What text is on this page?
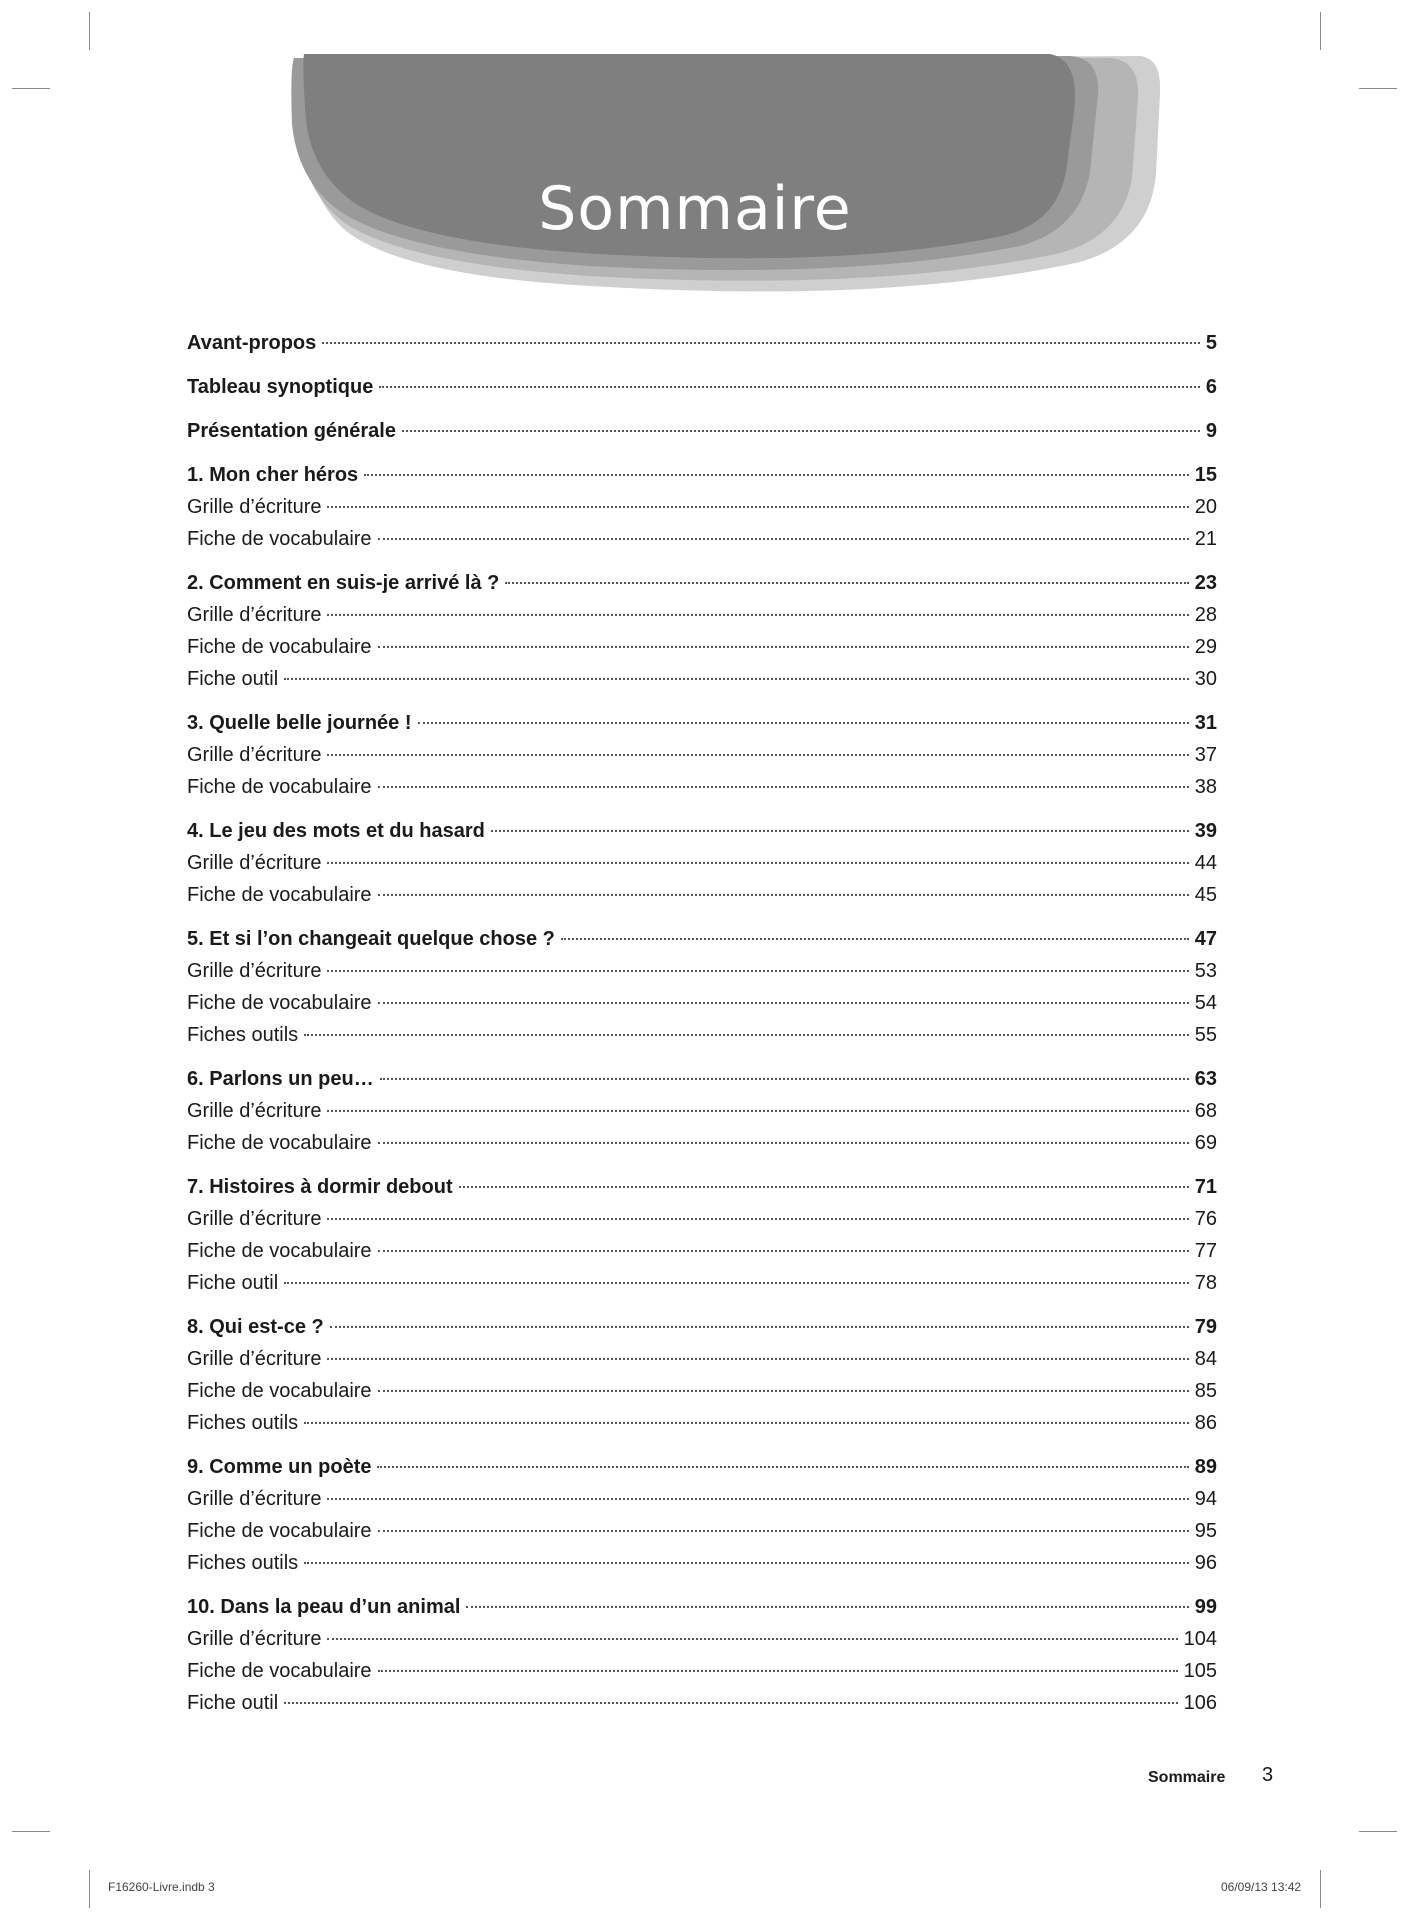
Sommaire
Avant-propos	5
Tableau synoptique	6
Présentation générale	9
1. Mon cher héros	15
Grille d’écriture	20
Fiche de vocabulaire	21
2. Comment en suis-je arrivé là ?	23
Grille d’écriture	28
Fiche de vocabulaire	29
Fiche outil	30
3. Quelle belle journée !	31
Grille d’écriture	37
Fiche de vocabulaire	38
4. Le jeu des mots et du hasard	39
Grille d’écriture	44
Fiche de vocabulaire	45
5. Et si l’on changeait quelque chose ?	47
Grille d’écriture	53
Fiche de vocabulaire	54
Fiches outils	55
6. Parlons un peu…	63
Grille d’écriture	68
Fiche de vocabulaire	69
7. Histoires à dormir debout	71
Grille d’écriture	76
Fiche de vocabulaire	77
Fiche outil	78
8. Qui est-ce ?	79
Grille d’écriture	84
Fiche de vocabulaire	85
Fiches outils	86
9. Comme un poète	89
Grille d’écriture	94
Fiche de vocabulaire	95
Fiches outils	96
10. Dans la peau d’un animal	99
Grille d’écriture	104
Fiche de vocabulaire	105
Fiche outil	106
Sommaire 3
F16260-Livre.indb 3	06/09/13 13:42
